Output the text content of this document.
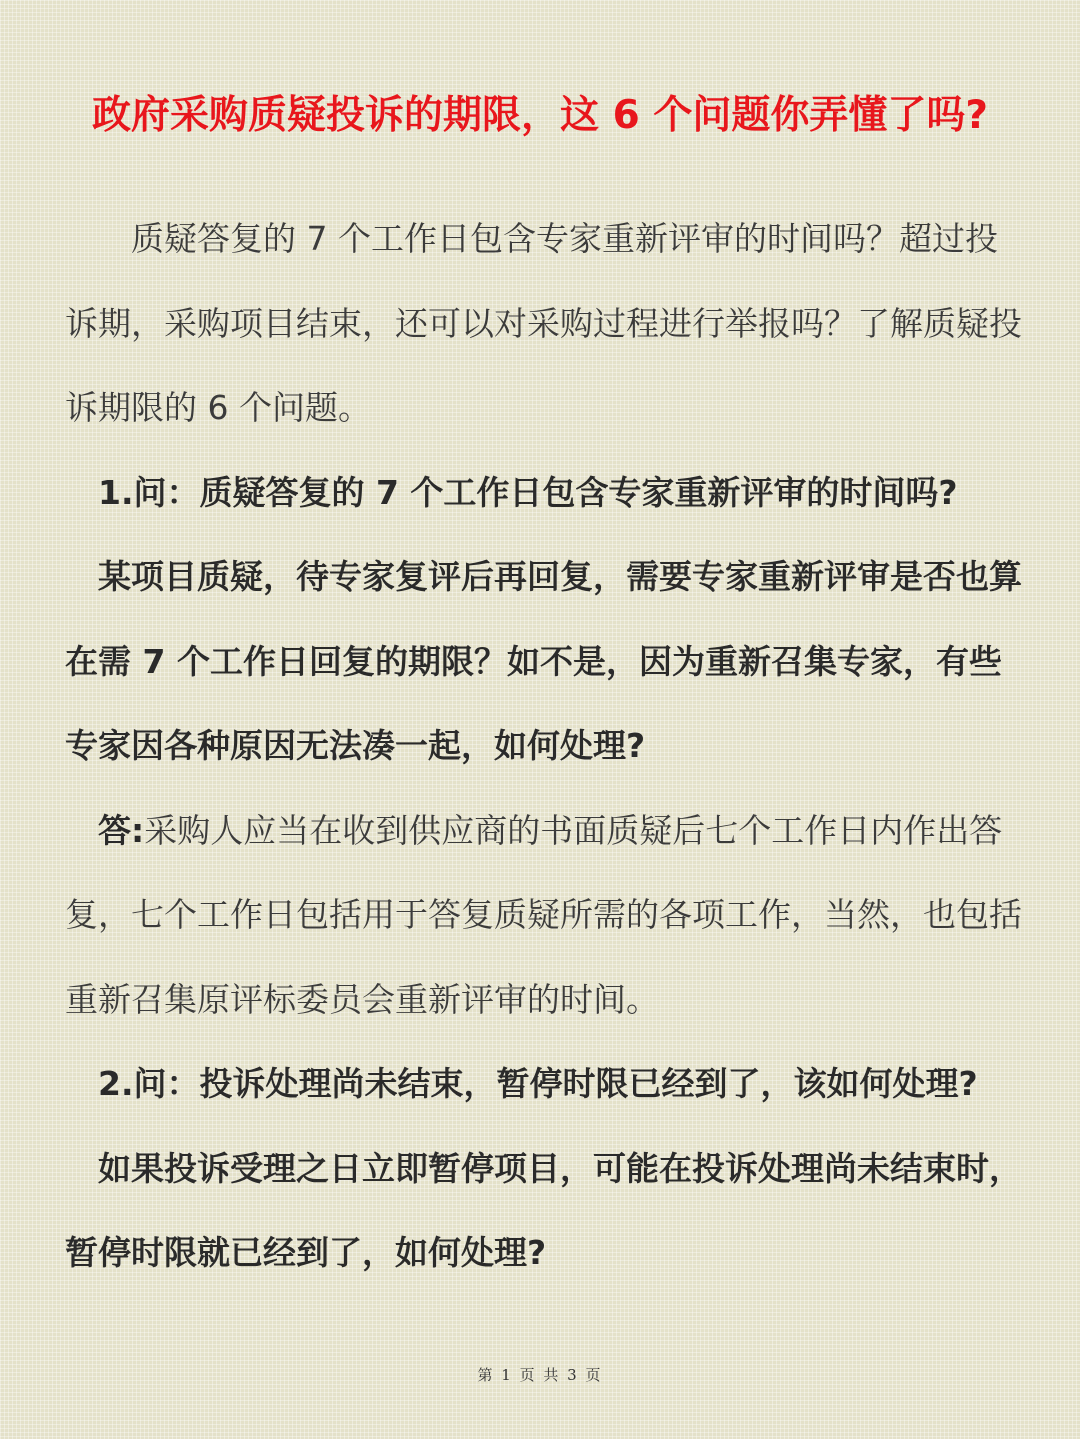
政府采购质疑投诉的期限，这 6 个问题你弄懂了吗?

质疑答复的 7 个工作日包含专家重新评审的时间吗？超过投诉期，采购项目结束，还可以对采购过程进行举报吗？了解质疑投诉期限的 6 个问题。

1.问：质疑答复的 7 个工作日包含专家重新评审的时间吗?

某项目质疑，待专家复评后再回复，需要专家重新评审是否也算在需 7 个工作日回复的期限？如不是，因为重新召集专家，有些专家因各种原因无法凑一起，如何处理?

答:采购人应当在收到供应商的书面质疑后七个工作日内作出答复，七个工作日包括用于答复质疑所需的各项工作，当然，也包括重新召集原评标委员会重新评审的时间。

2.问：投诉处理尚未结束，暂停时限已经到了，该如何处理?

如果投诉受理之日立即暂停项目，可能在投诉处理尚未结束时，暂停时限就已经到了，如何处理?

第 1 页 共 3 页
